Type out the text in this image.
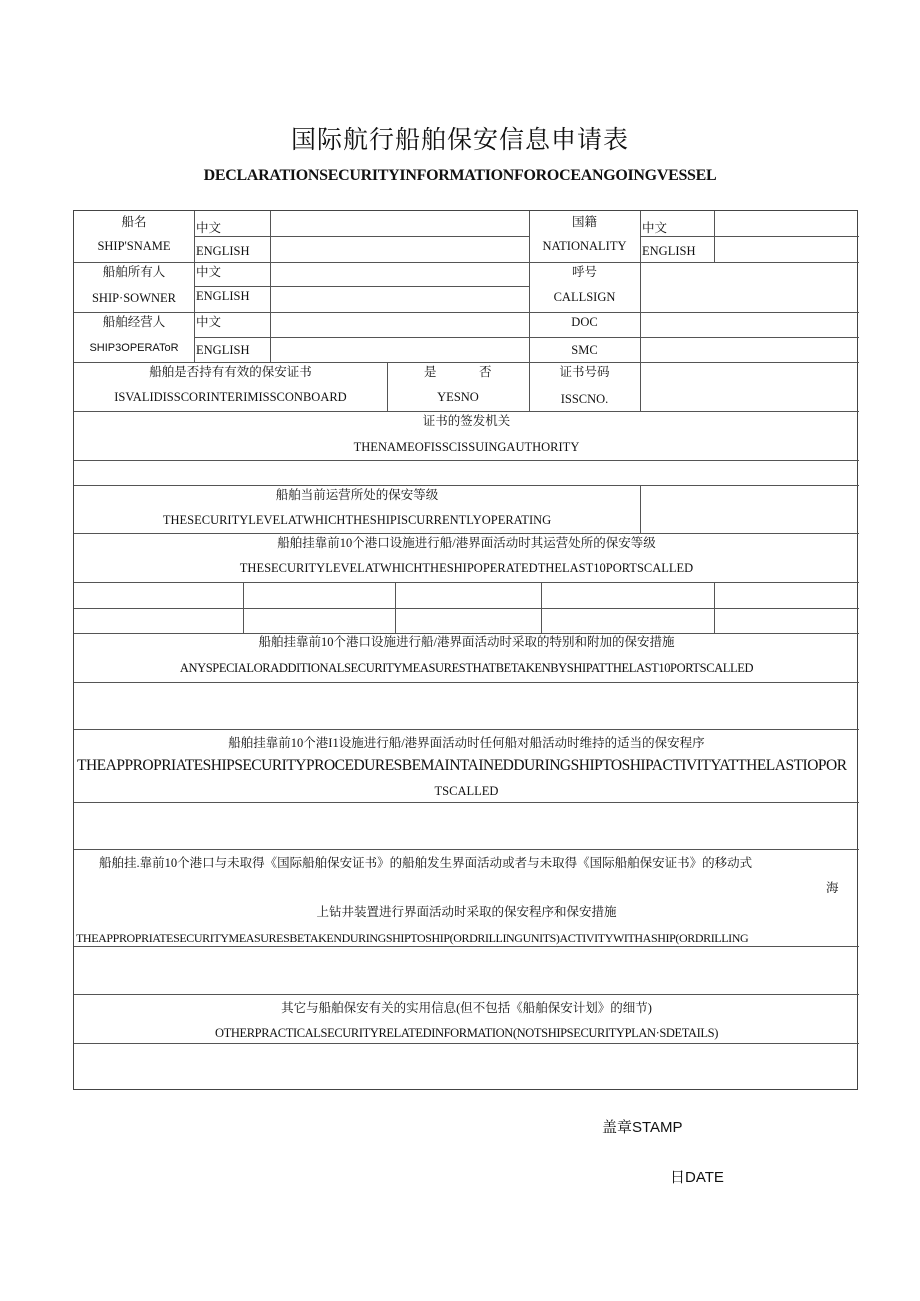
国际航行船舶保安信息申请表
DECLARATIONSECURITYINFORMATIONFOROCEANGOINGVESSEL
船名
SHIP'SNAME
中文
ENGLISH
国籍
NATIONALITY
中文
ENGLISH
船舶所有人
SHIP·SOWNER
中文
ENGLISH
呼号
CALLSIGN
船舶经营人
SHIP3OPERAToR
中文
ENGLISH
DOC
SMC
船舶是否持有有效的保安证书
ISVALIDISSCORINTERIMISSCONBOARD
是	否
YESNO
证书号码
ISSCNO.
证书的签发机关
THENAMEOFISSCISSUINGAUTHORITY
船舶当前运营所处的保安等级
THESECURITYLEVELATWHICHTHESHIPISCURRENTLYOPERATING
船舶挂靠前10个港口设施进行船/港界面活动时其运营处所的保安等级
THESECURITYLEVELATWHICHTHESHIPOPERATEDTHELAST10PORTSCALLED
船舶挂靠前10个港口设施进行船/港界面活动时采取的特别和附加的保安措施
ANYSPECIALORADDITIONALSECURITYMEASURESTHATBETAKENBYSHIPATTHELAST10PORTSCALLED
船舶挂靠前10个港I1设施进行船/港界面活动时任何船对船活动时维持的适当的保安程序
THEAPPROPRIATESHIPSECURITYPROCEDURESBEMAINTAINEDDURINGSHIPTOSHIPACTIVITYATTHELASTIOPOR
TSCALLED
船舶挂.靠前10个港口与未取得《国际船舶保安证书》的船舶发生界面活动或者与未取得《国际船舶保安证书》的移动式
海
上钻井装置进行界面活动时采取的保安程序和保安措施
THEAPPROPRIATESECURITYMEASURESBETAKENDURINGSHIPTOSHIP(ORDRILLINGUNITS)ACTIVITYWITHASHIP(ORDRILLING
其它与船舶保安有关的实用信息(但不包括《船舶保安计划》的细节)
OTHERPRACTICALSECURITYRELATEDINFORMATION(NOTSHIPSECURITYPLAN·SDETAILS)
盖章STAMP
日DATE
